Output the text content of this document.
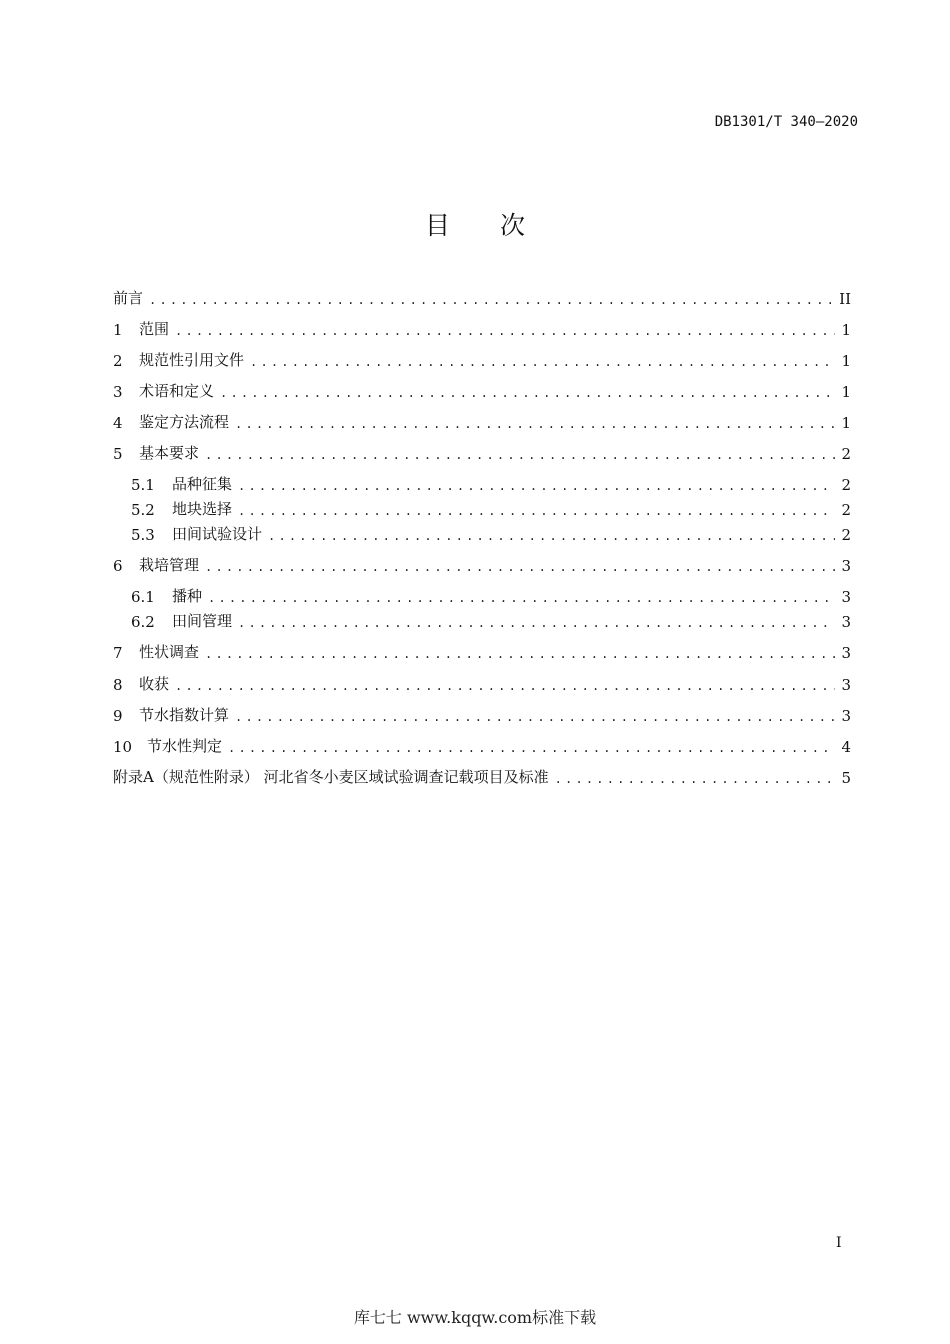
DB1301/T 340—2020
目 次
前言 .....	II
1	范围 .....	1
2	规范性引用文件 .....	1
3	术语和定义 .....	1
4	鉴定方法流程 .....	1
5	基本要求 .....	2
5.1	品种征集 .....	2
5.2	地块选择 .....	2
5.3	田间试验设计 .....	2
6	栽培管理 .....	3
6.1	播种 .....	3
6.2	田间管理 .....	3
7	性状调查 .....	3
8	收获 .....	3
9	节水指数计算 .....	3
10 节水性判定 .....	4
附录A（规范性附录） 河北省冬小麦区域试验调查记载项目及标准 .....	5
I
库七七 www.kqqw.com标准下载
